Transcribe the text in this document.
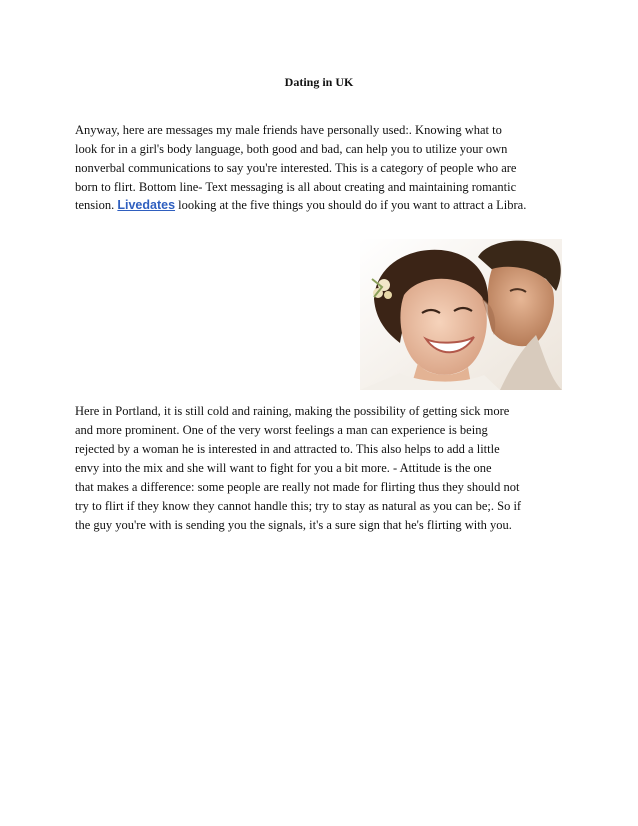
Dating in UK
Anyway, here are messages my male friends have personally used:. Knowing what to
look for in a girl's body language, both good and bad, can help you to utilize your own
nonverbal communications to say you're interested. This is a category of people who are
born to flirt. Bottom line- Text messaging is all about creating and maintaining romantic
tension. Livedates looking at the five things you should do if you want to attract a Libra.
Here in Portland, it is still cold and raining, making the possibility of getting sick more
and more prominent. One of the very worst feelings a man can experience is being
rejected by a woman he is interested in and attracted to. This also helps to add a little
envy into the mix and she will want to fight for you a bit more. - Attitude is the one
that makes a difference: some people are really not made for flirting thus they should not
try to flirt if they know they cannot handle this; try to stay as natural as you can be;. So if
the guy you're with is sending you the signals, it's a sure sign that he's flirting with you.
